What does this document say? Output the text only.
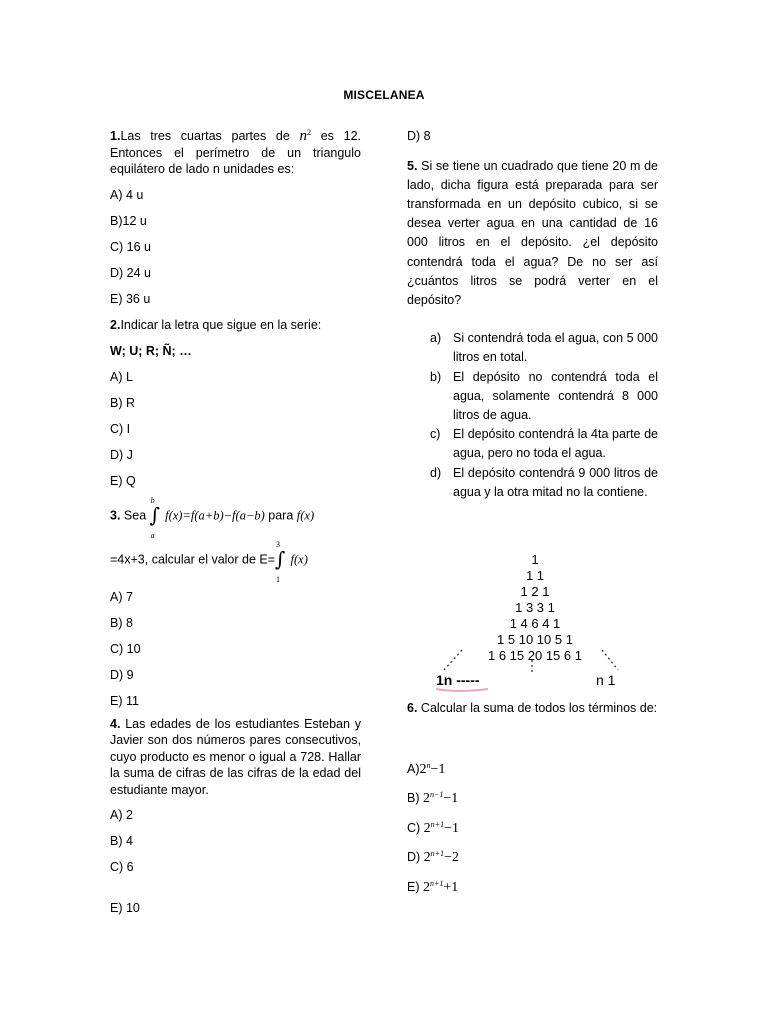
MISCELANEA

1.Las tres cuartas partes de $n^2$ es 12. Entonces el perímetro de un triangulo equilátero de lado n unidades es:

A) 4 u

B)12 u

C) 16 u

D) 24 u

E) 36 u

2.Indicar la letra que sigue en la serie:

W; U; R; Ñ; …

A) L

B) R

C) I

D) J

E) Q

3. Sea
b
∫
a
f(x)=f(a+b)−f(a−b) para f(x)

=4x+3, calcular el valor de E=
3
∫
1
f(x)

A) 7

B) 8

C) 10

D) 9

E) 11

4. Las edades de los estudiantes Esteban y Javier son dos números pares consecutivos, cuyo producto es menor o igual a 728. Hallar la suma de cifras de las cifras de la edad del estudiante mayor.

A) 2

B) 4

C) 6

E) 10

D) 8

5. Si se tiene un cuadrado que tiene 20 m de lado, dicha figura está preparada para ser transformada en un depósito cubico, si se desea verter agua en una cantidad de 16 000 litros en el depósito. ¿el depósito contendrá toda el agua? De no ser así ¿cuántos litros se podrá verter en el depósito?

a) Si contendrá toda el agua, con 5 000 litros en total.
b) El depósito no contendrá toda el agua, solamente contendrá 8 000 litros de agua.
c) El depósito contendrá la 4ta parte de agua, pero no toda el agua.
d) El depósito contendrá 9 000 litros de agua y la otra mitad no la contiene.
1
1 1
1 2 1
1 3 3 1
1 4 6 4 1
1 5 10 10 5 1
1 6 15 20 15 6 1
1n -----	n 1

6. Calcular la suma de todos los términos de:

$A)2^n-1$

B) $2^{n-1}-1$

C) $2^{n+1}-1$

D) $2^{n+1}-2$

E) $2^{n+1}+1$
